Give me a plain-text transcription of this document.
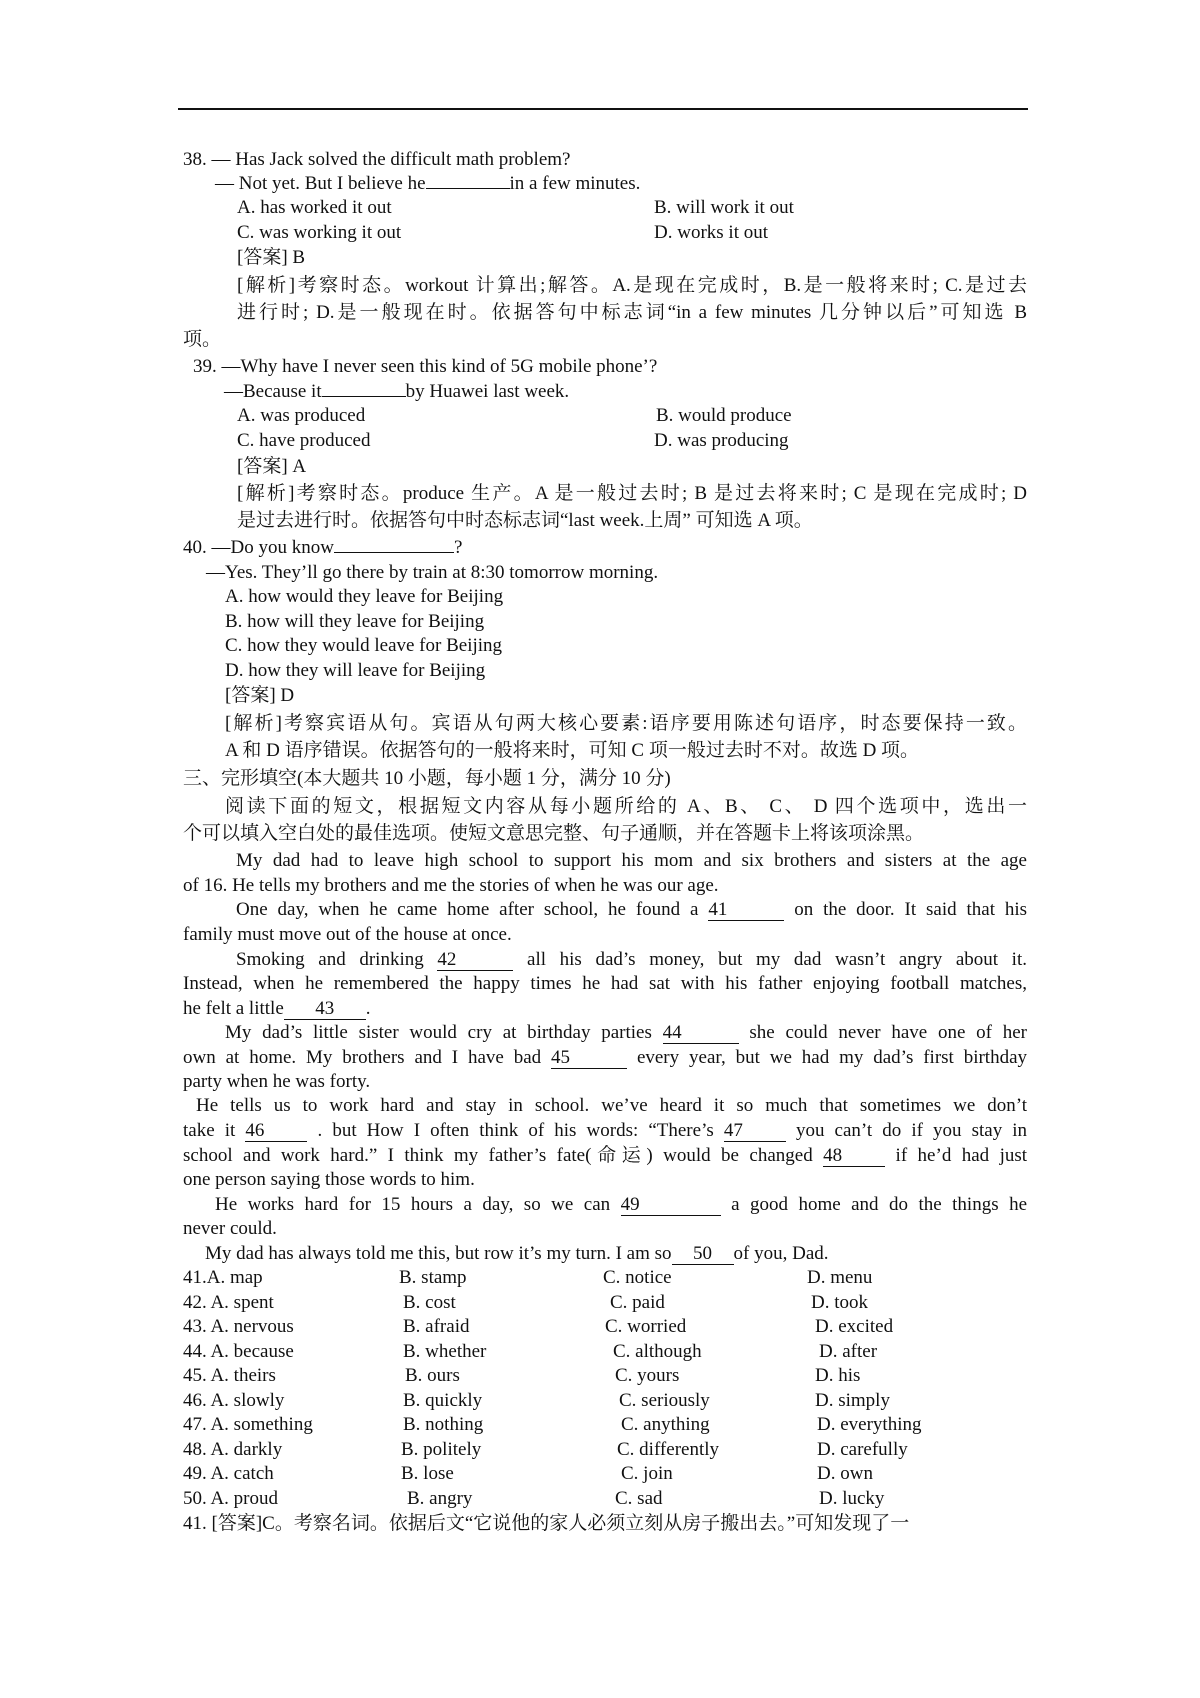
38. — Has Jack solved the difficult math problem?
— Not yet. But I believe he	in a few minutes.
A. has worked it out	B. will work it out
C. was working it out	D. works it out
[答案] B
[解析]考察时态。workout 计算出;解答。A.是现在完成时，B.是一般将来时; C.是过去
进行时; D.是一般现在时。依据答句中标志词“in a few minutes 几分钟以后”可知选 B
项。
39. —Why have I never seen this kind of 5G mobile phone’?
—Because it	by Huawei last week.
A. was produced	B. would produce
C. have produced	D. was producing
[答案] A
[解析]考察时态。produce 生产。A 是一般过去时; B 是过去将来时; C 是现在完成时; D
是过去进行时。依据答句中时态标志词“last week.上周” 可知选 A 项。
40. —Do you know	?
—Yes. They’ll go there by train at 8:30 tomorrow morning.
A. how would they leave for Beijing
B. how will they leave for Beijing
C. how they would leave for Beijing
D. how they will leave for Beijing
[答案] D
[解析]考察宾语从句。宾语从句两大核心要素:语序要用陈述句语序，时态要保持一致。
A 和 D 语序错误。依据答句的一般将来时，可知 C 项一般过去时不对。故选 D 项。
三、完形填空(本大题共 10 小题，每小题 1 分，满分 10 分)
阅读下面的短文，根据短文内容从每小题所给的 A、B、 C、 D 四个选项中，选出一
个可以填入空白处的最佳选项。使短文意思完整、句子通顺，并在答题卡上将该项涂黑。
My dad had to leave high school to support his mom and six brothers and sisters at the age
of 16. He tells my brothers and me the stories of when he was our age.
One day, when he came home after school, he found a 41	on the door. It said that his
family must move out of the house at once.
Smoking and drinking 42	all his dad’s money, but my dad wasn’t angry about it.
Instead, when he remembered the happy times he had sat with his father enjoying football matches,
he felt a little 43 .
My dad’s little sister would cry at birthday parties 44	she could never have one of her
own at home. My brothers and I have bad 45	every year, but we had my dad’s first birthday
party when he was forty.
He tells us to work hard and stay in school. we’ve heard it so much that sometimes we don’t
take it 46	. but How I often think of his words: “There’s 47	you can’t do if you stay in
school and work hard.” I think my father’s fate(命运) would be changed 48	if he’d had just
one person saying those words to him.
He works hard for 15 hours a day, so we can 49	a good home and do the things he
never could.
My dad has always told me this, but row it’s my turn. I am so 50 of you, Dad.
41.A. map	B. stamp	C. notice	D. menu
42. A. spent	B. cost	C. paid	D. took
43. A. nervous	B. afraid	C. worried	D. excited
44. A. because	B. whether	C. although	D. after
45. A. theirs	B. ours	C. yours	D. his
46. A. slowly	B. quickly	C. seriously	D. simply
47. A. something	B. nothing	C. anything	D. everything
48. A. darkly	B. politely	C. differently	D. carefully
49. A. catch	B. lose	C. join	D. own
50. A. proud	B. angry	C. sad	D. lucky
41. [答案]C。考察名词。依据后文“它说他的家人必须立刻从房子搬出去。”可知发现了一
